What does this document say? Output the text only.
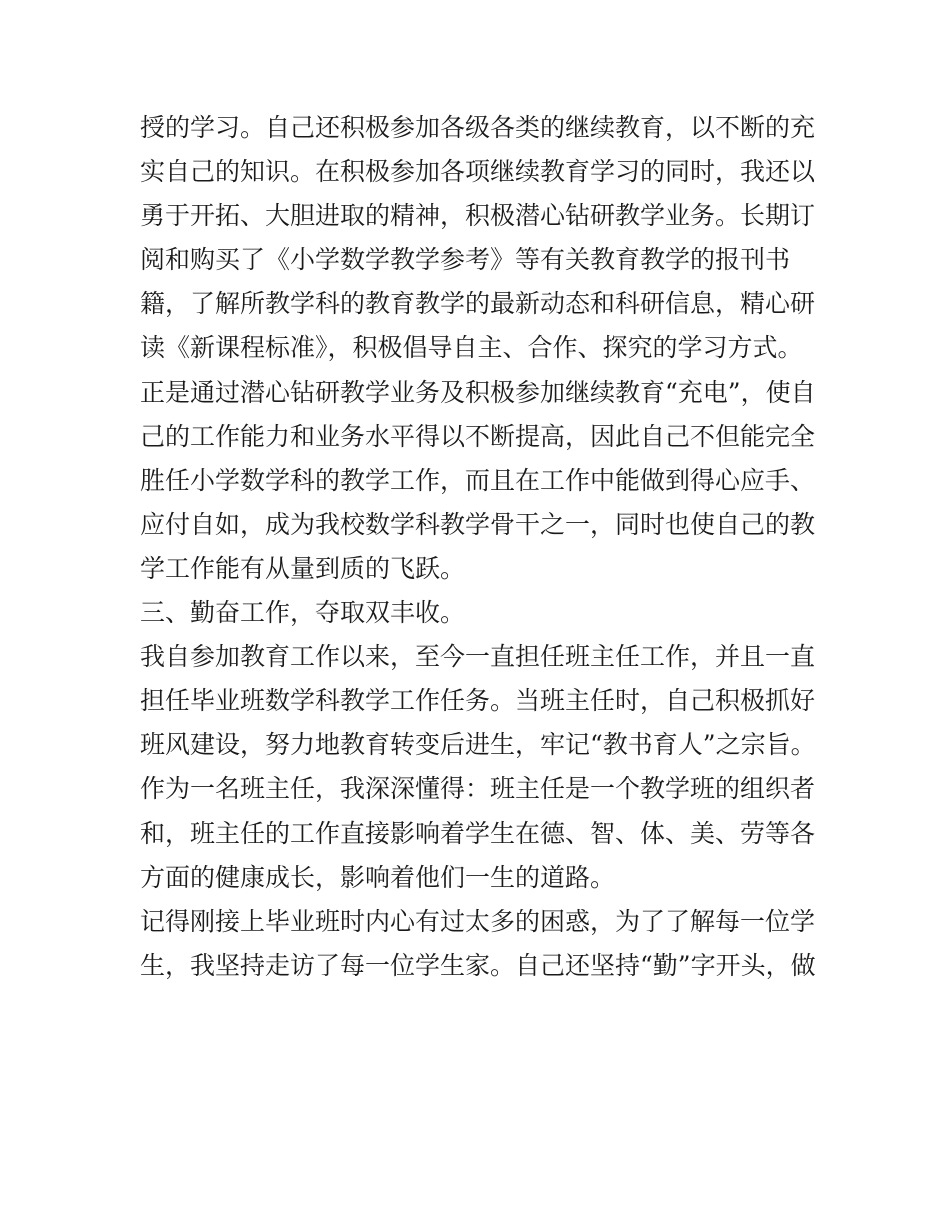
授的学习。自己还积极参加各级各类的继续教育，以不断的充
实自己的知识。在积极参加各项继续教育学习的同时，我还以
勇于开拓、大胆进取的精神，积极潜心钻研教学业务。长期订
阅和购买了《小学数学教学参考》等有关教育教学的报刊书
籍，了解所教学科的教育教学的最新动态和科研信息，精心研
读《新课程标准》，积极倡导自主、合作、探究的学习方式。
正是通过潜心钻研教学业务及积极参加继续教育“充电”，使自
己的工作能力和业务水平得以不断提高，因此自己不但能完全
胜任小学数学科的教学工作，而且在工作中能做到得心应手、
应付自如，成为我校数学科教学骨干之一，同时也使自己的教
学工作能有从量到质的飞跃。
三、勤奋工作，夺取双丰收。
我自参加教育工作以来，至今一直担任班主任工作，并且一直
担任毕业班数学科教学工作任务。当班主任时，自己积极抓好
班风建设，努力地教育转变后进生，牢记“教书育人”之宗旨。
作为一名班主任，我深深懂得：班主任是一个教学班的组织者
和，班主任的工作直接影响着学生在德、智、体、美、劳等各
方面的健康成长，影响着他们一生的道路。
记得刚接上毕业班时内心有过太多的困惑，为了了解每一位学
生，我坚持走访了每一位学生家。自己还坚持“勤”字开头，做
